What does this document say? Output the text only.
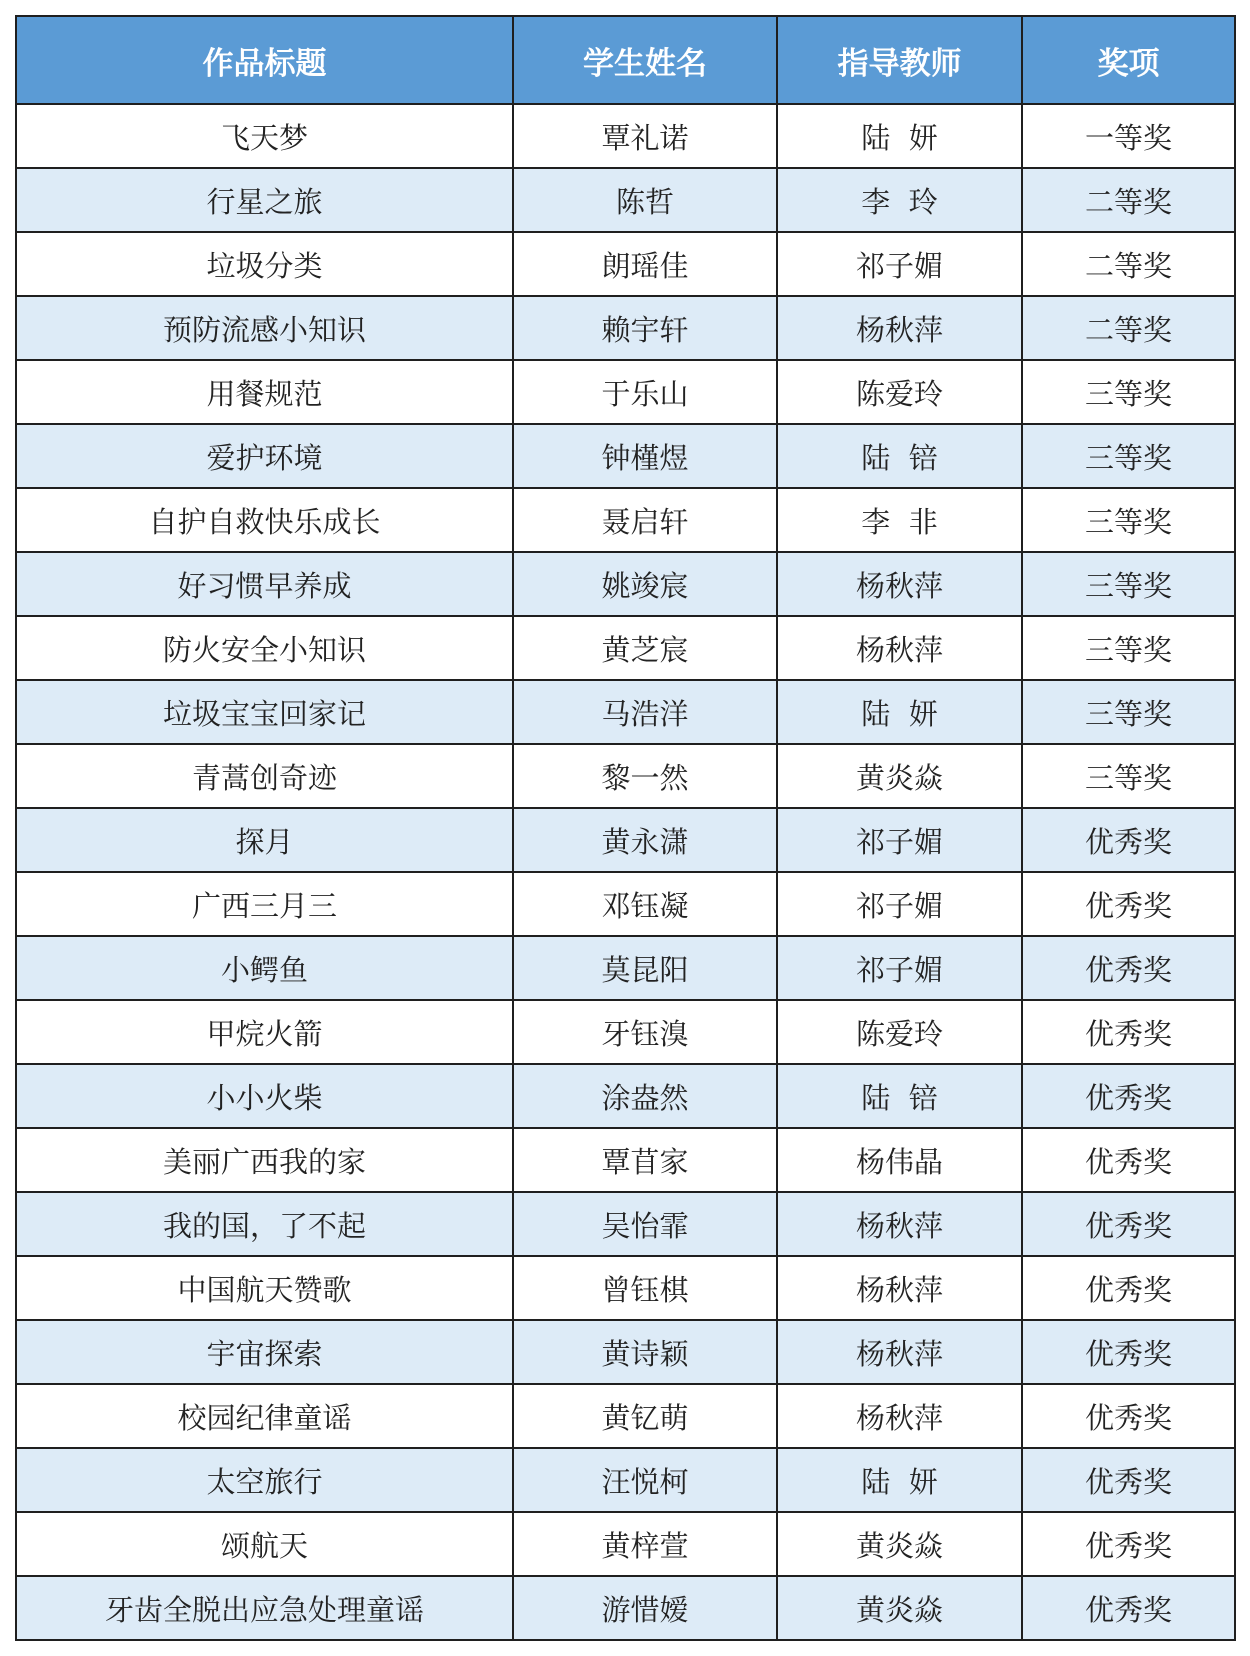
作品标题	学生姓名	指导教师	奖项
飞天梦	覃礼诺	陆  妍	一等奖
行星之旅	陈哲	李  玲	二等奖
垃圾分类	朗瑶佳	祁子媚	二等奖
预防流感小知识	赖宇轩	杨秋萍	二等奖
用餐规范	于乐山	陈爱玲	三等奖
爱护环境	钟槿煜	陆  锫	三等奖
自护自救快乐成长	聂启轩	李  非	三等奖
好习惯早养成	姚竣宸	杨秋萍	三等奖
防火安全小知识	黄芝宸	杨秋萍	三等奖
垃圾宝宝回家记	马浩洋	陆  妍	三等奖
青蒿创奇迹	黎一然	黄炎焱	三等奖
探月	黄永潇	祁子媚	优秀奖
广西三月三	邓钰凝	祁子媚	优秀奖
小鳄鱼	莫昆阳	祁子媚	优秀奖
甲烷火箭	牙钰溴	陈爱玲	优秀奖
小小火柴	涂盎然	陆  锫	优秀奖
美丽广西我的家	覃苜家	杨伟晶	优秀奖
我的国，了不起	吴怡霏	杨秋萍	优秀奖
中国航天赞歌	曾钰棋	杨秋萍	优秀奖
宇宙探索	黄诗颖	杨秋萍	优秀奖
校园纪律童谣	黄钇萌	杨秋萍	优秀奖
太空旅行	汪悦柯	陆  妍	优秀奖
颂航天	黄梓萱	黄炎焱	优秀奖
牙齿全脱出应急处理童谣	游惜嫒	黄炎焱	优秀奖
